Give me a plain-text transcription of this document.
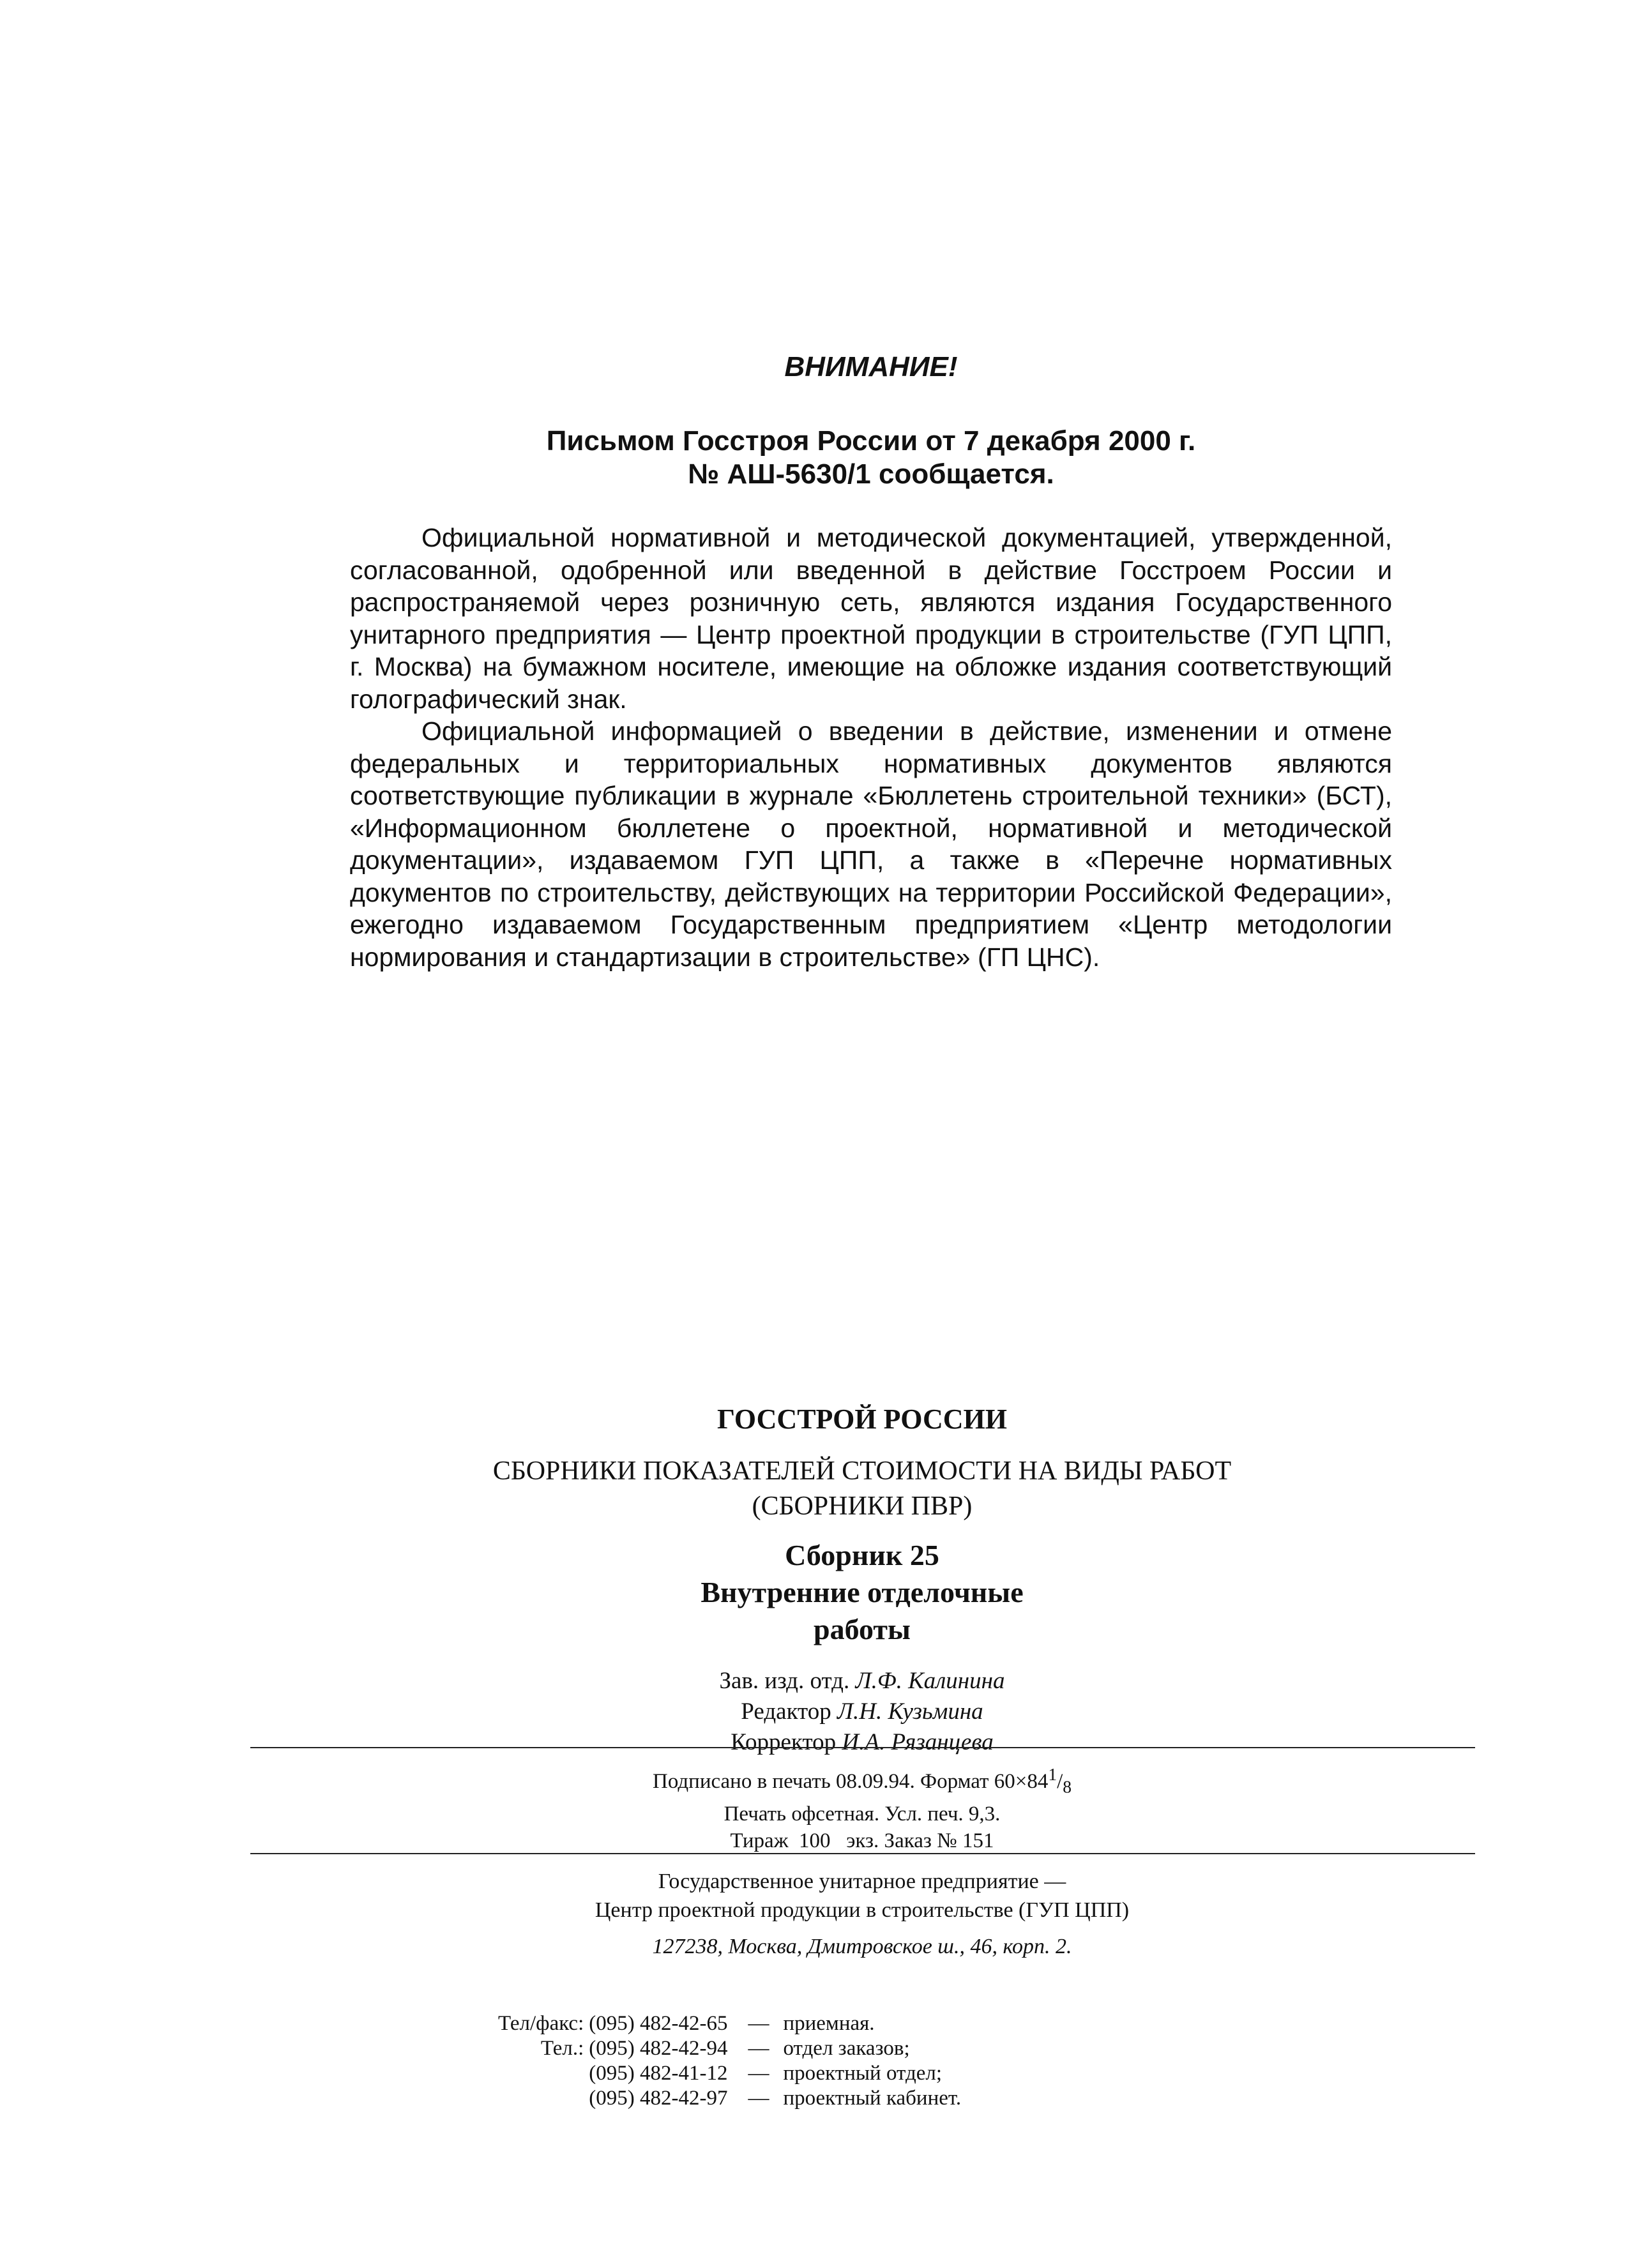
ВНИМАНИЕ!
Письмом Госстроя России от 7 декабря 2000 г.
№ АШ-5630/1 сообщается.

Официальной нормативной и методической документацией, утвержденной, согласованной, одобренной или введенной в действие Госстроем России и распространяемой через розничную сеть, являются издания Государственного унитарного предприятия — Центр проектной продукции в строительстве (ГУП ЦПП, г. Москва) на бумажном носителе, имеющие на обложке издания соответствующий голографический знак.

Официальной информацией о введении в действие, изменении и отмене федеральных и территориальных нормативных документов являются соответствующие публикации в журнале «Бюллетень строительной техники» (БСТ), «Информационном бюллетене о проектной, нормативной и методической документации», издаваемом ГУП ЦПП, а также в «Перечне нормативных документов по строительству, действующих на территории Российской Федерации», ежегодно издаваемом Государственным предприятием «Центр методологии нормирования и стандартизации в строительстве» (ГП ЦНС).

ГОССТРОЙ РОССИИ
СБОРНИКИ ПОКАЗАТЕЛЕЙ СТОИМОСТИ НА ВИДЫ РАБОТ
(СБОРНИКИ ПВР)
Сборник 25
Внутренние отделочные
работы
Зав. изд. отд. Л.Ф. Калинина
Редактор Л.Н. Кузьмина
Корректор И.А. Рязанцева
Подписано в печать 08.09.94. Формат $60\times 84^1/_8$
Печать офсетная. Усл. печ. 9,3.
Тираж 100 экз. Заказ № 151
Государственное унитарное предприятие —
Центр проектной продукции в строительстве (ГУП ЦПП)
127238, Москва, Дмитровское ш., 46, корп. 2.
Тел/факс:	(095) 482-42-65	—	приемная.
Тел.:	(095) 482-42-94	—	отдел заказов;
	(095) 482-41-12	—	проектный отдел;
	(095) 482-42-97	—	проектный кабинет.
